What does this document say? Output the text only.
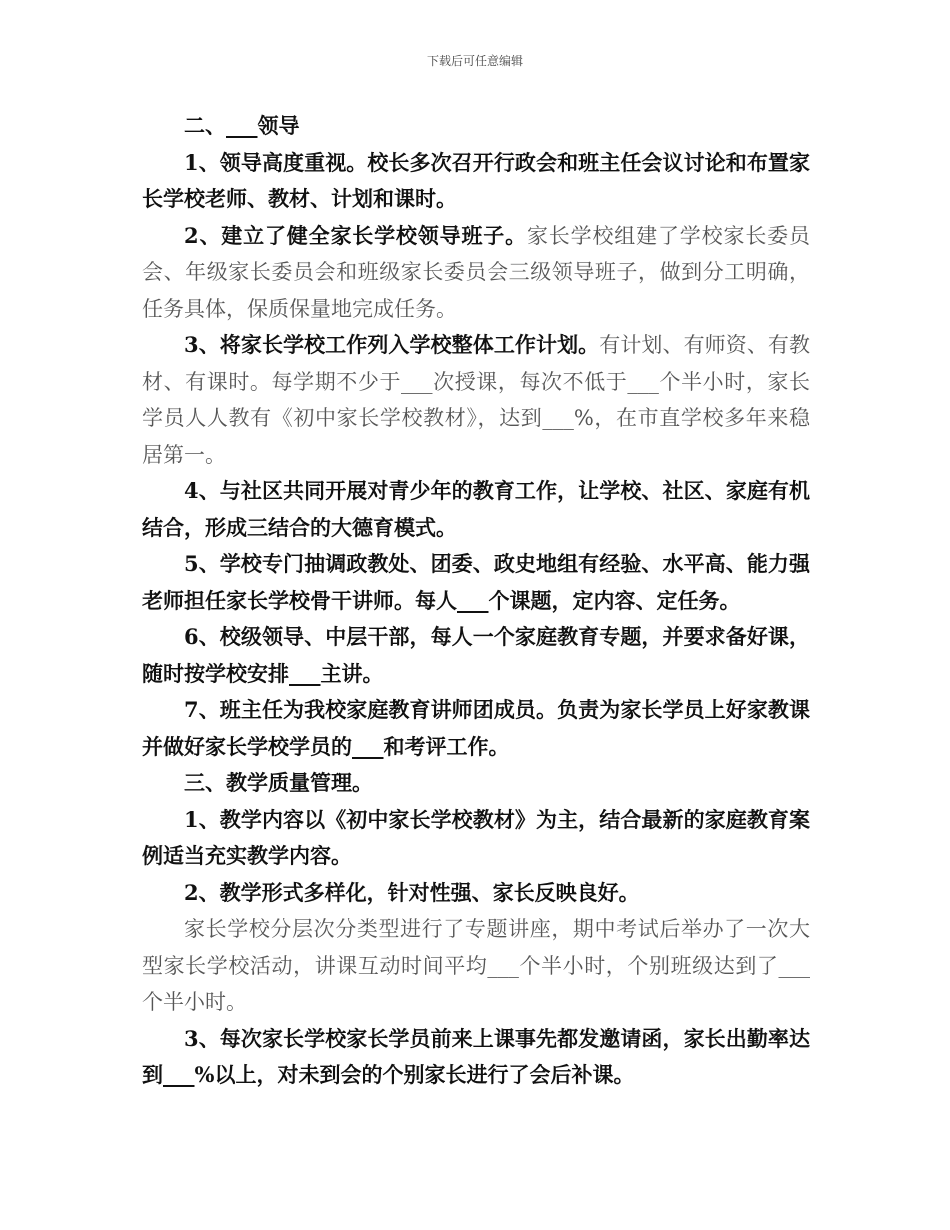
下载后可任意编辑

二、___领导

1、领导高度重视。校长多次召开行政会和班主任会议讨论和布置家长学校老师、教材、计划和课时。

2、建立了健全家长学校领导班子。家长学校组建了学校家长委员会、年级家长委员会和班级家长委员会三级领导班子，做到分工明确，任务具体，保质保量地完成任务。

3、将家长学校工作列入学校整体工作计划。有计划、有师资、有教材、有课时。每学期不少于___次授课，每次不低于___个半小时，家长学员人人教有《初中家长学校教材》，达到___%，在市直学校多年来稳居第一。

4、与社区共同开展对青少年的教育工作，让学校、社区、家庭有机结合，形成三结合的大德育模式。

5、学校专门抽调政教处、团委、政史地组有经验、水平高、能力强老师担任家长学校骨干讲师。每人___个课题，定内容、定任务。

6、校级领导、中层干部，每人一个家庭教育专题，并要求备好课，随时按学校安排___主讲。

7、班主任为我校家庭教育讲师团成员。负责为家长学员上好家教课并做好家长学校学员的___和考评工作。

三、教学质量管理。

1、教学内容以《初中家长学校教材》为主，结合最新的家庭教育案例适当充实教学内容。

2、教学形式多样化，针对性强、家长反映良好。

家长学校分层次分类型进行了专题讲座，期中考试后举办了一次大型家长学校活动，讲课互动时间平均___个半小时，个别班级达到了___个半小时。

3、每次家长学校家长学员前来上课事先都发邀请函，家长出勤率达到___%以上，对未到会的个别家长进行了会后补课。
